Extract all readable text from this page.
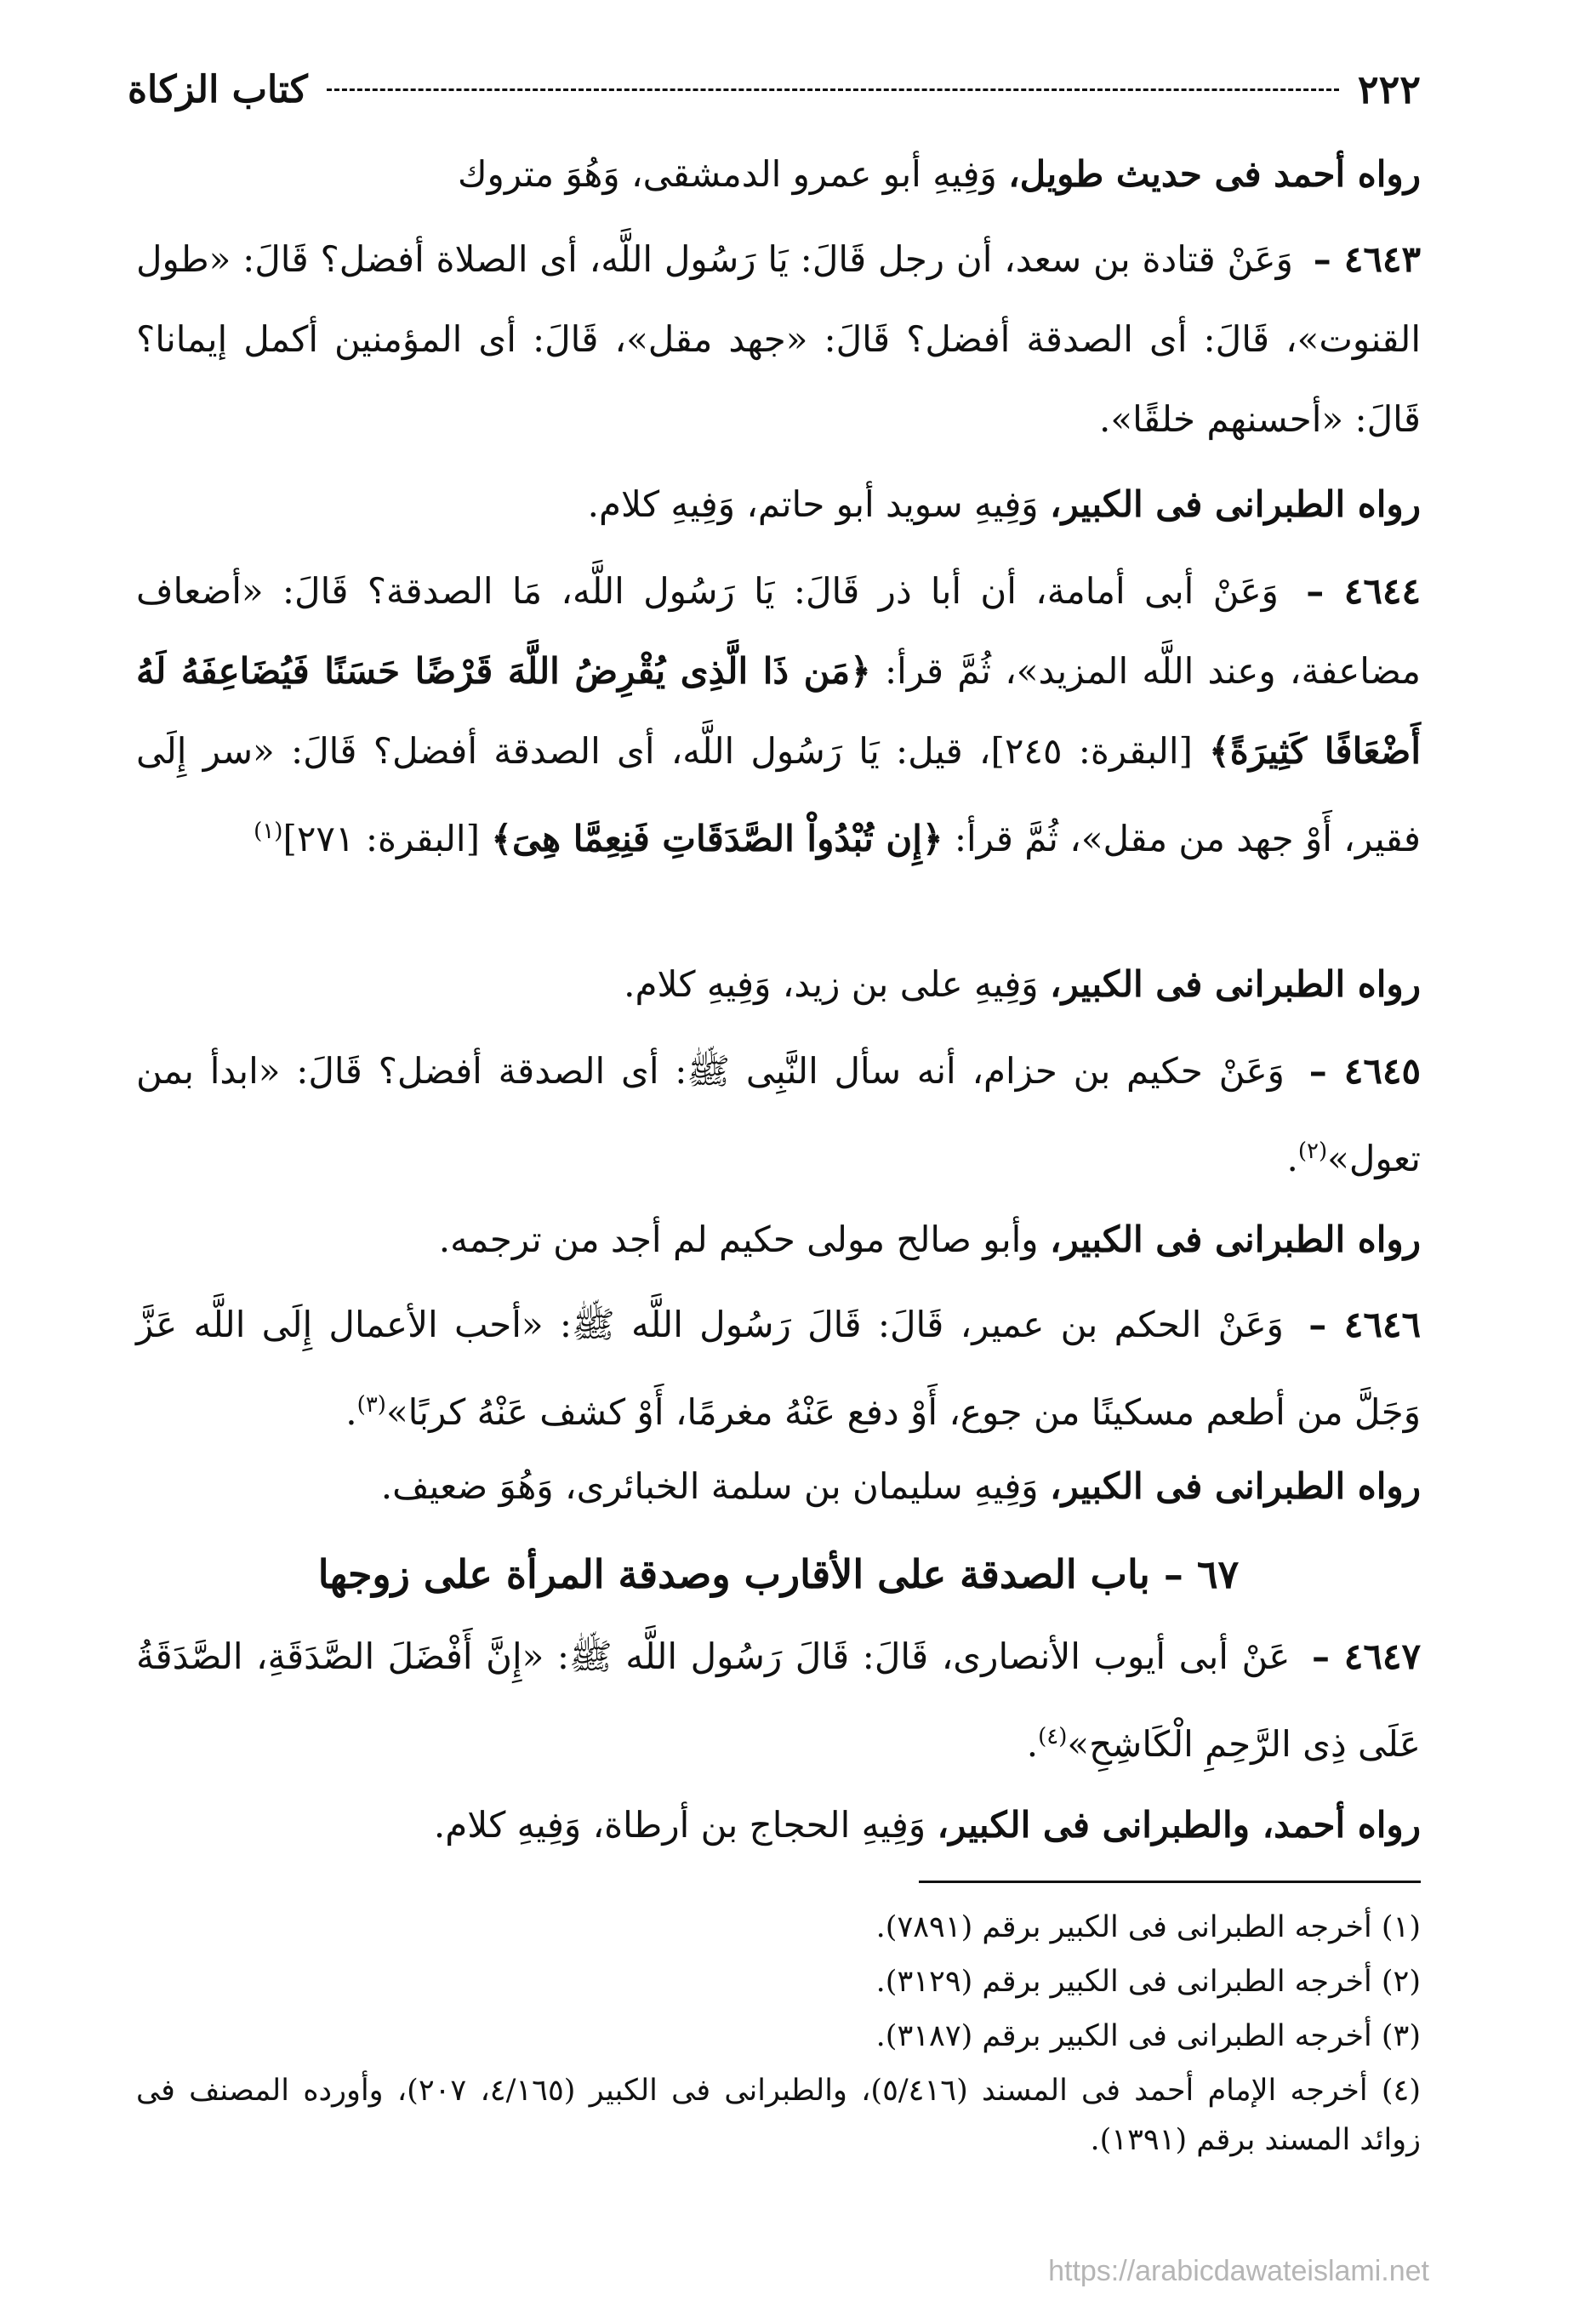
٢٢٢
كتاب الزكاة
رواه أحمد فى حديث طويل، وَفِيهِ أبو عمرو الدمشقى، وَهُوَ متروك
٤٦٤٣ – وَعَنْ قتادة بن سعد، أن رجل قَالَ: يَا رَسُول اللَّه، أى الصلاة أفضل؟ قَالَ: «طول القنوت»، قَالَ: أى الصدقة أفضل؟ قَالَ: «جهد مقل»، قَالَ: أى المؤمنين أكمل إيمانا؟ قَالَ: «أحسنهم خلقًا».
رواه الطبرانى فى الكبير، وَفِيهِ سويد أبو حاتم، وَفِيهِ كلام.
٤٦٤٤ – وَعَنْ أبى أمامة، أن أبا ذر قَالَ: يَا رَسُول اللَّه، مَا الصدقة؟ قَالَ: «أضعاف مضاعفة، وعند اللَّه المزيد»، ثُمَّ قرأ: ﴿مَن ذَا الَّذِى يُقْرِضُ اللَّهَ قَرْضًا حَسَنًا فَيُضَاعِفَهُ لَهُ أَضْعَافًا كَثِيرَةً﴾ [البقرة: ٢٤٥]، قيل: يَا رَسُول اللَّه، أى الصدقة أفضل؟ قَالَ: «سر إِلَى فقير، أَوْ جهد من مقل»، ثُمَّ قرأ: ﴿إِن تُبْدُواْ الصَّدَقَاتِ فَنِعِمَّا هِىَ﴾ [البقرة: ٢٧١]$^{(١)}$
رواه الطبرانى فى الكبير، وَفِيهِ على بن زيد، وَفِيهِ كلام.
٤٦٤٥ – وَعَنْ حكيم بن حزام، أنه سأل النَّبِى ﷺ: أى الصدقة أفضل؟ قَالَ: «ابدأ بمن تعول»$^{(٢)}$.
رواه الطبرانى فى الكبير، وأبو صالح مولى حكيم لم أجد من ترجمه.
٤٦٤٦ – وَعَنْ الحكم بن عمير، قَالَ: قَالَ رَسُول اللَّه ﷺ: «أحب الأعمال إِلَى اللَّه عَزَّ وَجَلَّ من أطعم مسكينًا من جوع، أَوْ دفع عَنْهُ مغرمًا، أَوْ كشف عَنْهُ كربًا»$^{(٣)}$.
رواه الطبرانى فى الكبير، وَفِيهِ سليمان بن سلمة الخبائرى، وَهُوَ ضعيف.
٦٧ – باب الصدقة على الأقارب وصدقة المرأة على زوجها
٤٦٤٧ – عَنْ أبى أيوب الأنصارى، قَالَ: قَالَ رَسُول اللَّه ﷺ: «إِنَّ أَفْضَلَ الصَّدَقَةِ، الصَّدَقَةُ عَلَى ذِى الرَّحِمِ الْكَاشِحِ»$^{(٤)}$.
رواه أحمد، والطبرانى فى الكبير، وَفِيهِ الحجاج بن أرطاة، وَفِيهِ كلام.
(١) أخرجه الطبرانى فى الكبير برقم (٧٨٩١).
(٢) أخرجه الطبرانى فى الكبير برقم (٣١٢٩).
(٣) أخرجه الطبرانى فى الكبير برقم (٣١٨٧).
(٤) أخرجه الإمام أحمد فى المسند (٥/٤١٦)، والطبرانى فى الكبير (٤/١٦٥، ٢٠٧)، وأورده المصنف فى زوائد المسند برقم (١٣٩١).
https://arabicdawateislami.net
